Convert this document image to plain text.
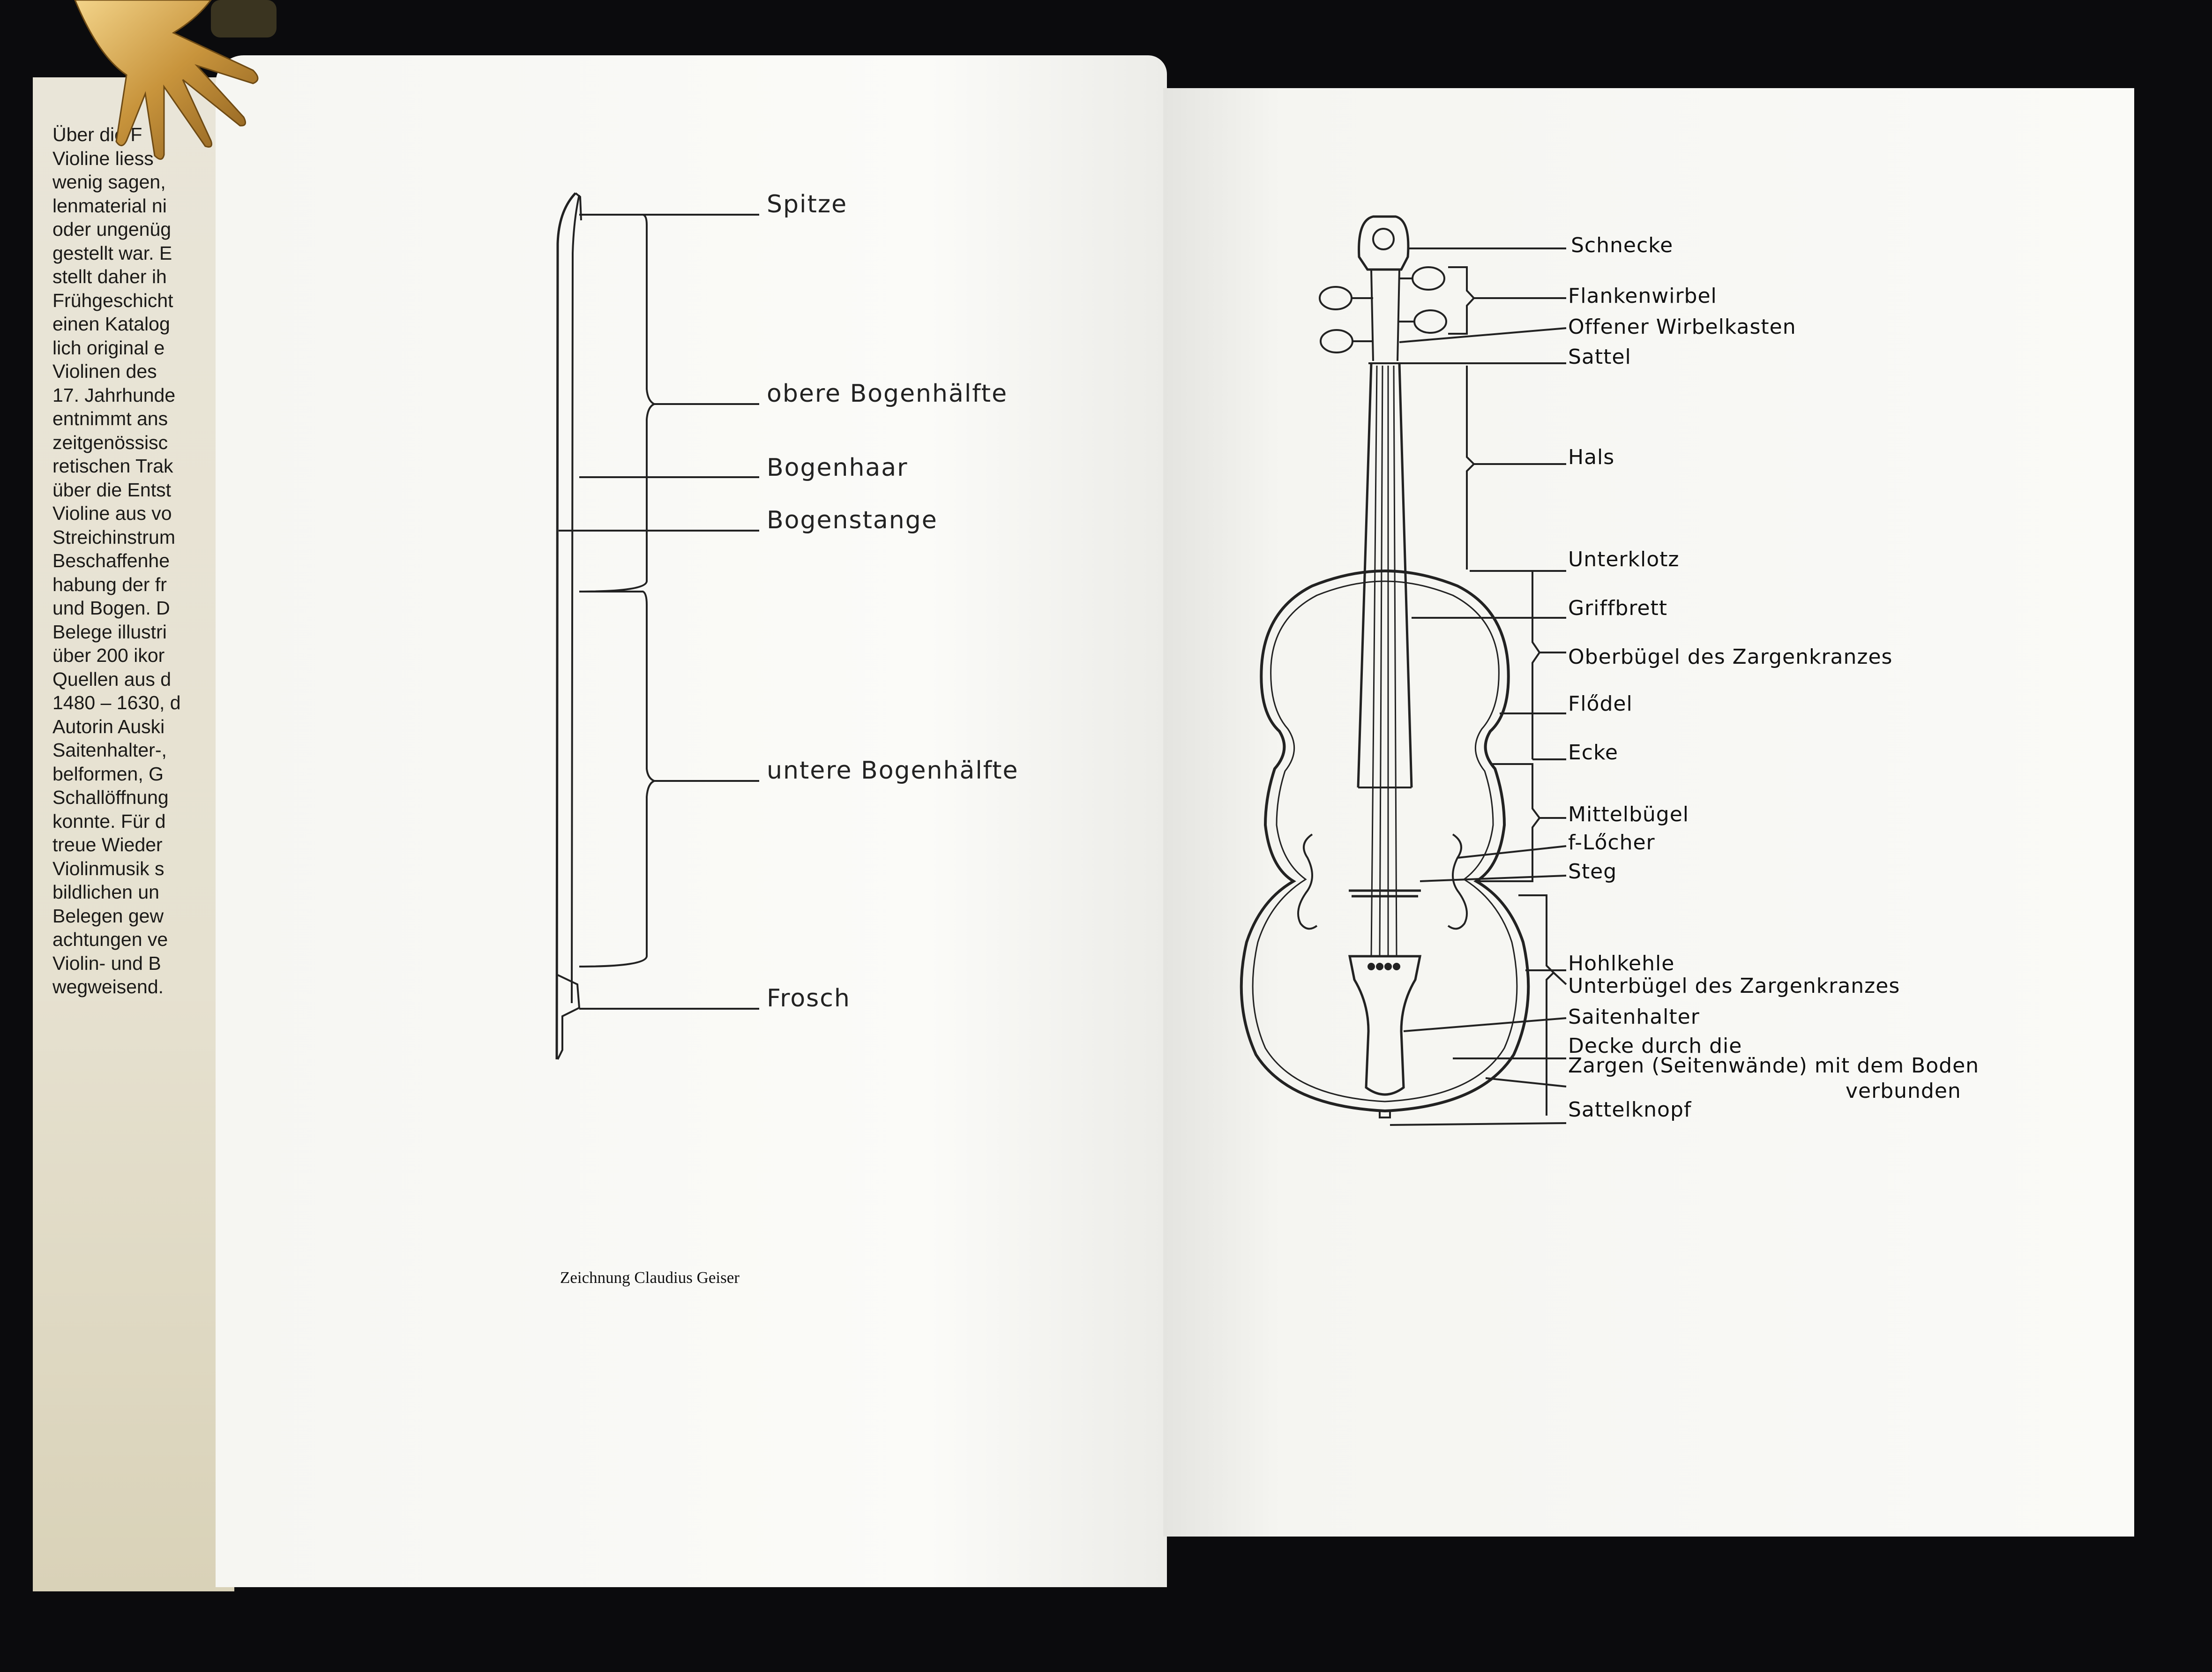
Über die F
Violine liess
wenig sagen,
lenmaterial ni
oder ungenüg
gestellt war. E
stellt daher ih
Frühgeschicht
einen Katalog
lich original e
Violinen des
17. Jahrhunde
entnimmt ans
zeitgenössisc
retischen Trak
über die Entst
Violine aus vo
Streichinstrum
Beschaffenhe
habung der fr
und Bogen. D
Belege illustri
über 200 ikor
Quellen aus d
1480 – 1630, d
Autorin Auski
Saitenhalter-,
belformen, G
Schallöffnung
konnte. Für d
treue Wieder
Violinmusik s
bildlichen un
Belegen gew
achtungen ve
Violin- und B
wegweisend.
Spitze
obere Bogenhälfte
Bogenhaar
Bogenstange
untere Bogenhälfte
Frosch
Zeichnung Claudius Geiser
Schnecke
Flankenwirbel
Offener Wirbelkasten
Sattel
Hals
Unterklotz
Griffbrett
Oberbügel des Zargenkranzes
Flődel
Ecke
Mittelbügel
f-Lőcher
Steg
Hohlkehle
Unterbügel des Zargenkranzes
Saitenhalter
Decke durch die
Zargen (Seitenwände) mit dem Boden
verbunden
Sattelknopf
